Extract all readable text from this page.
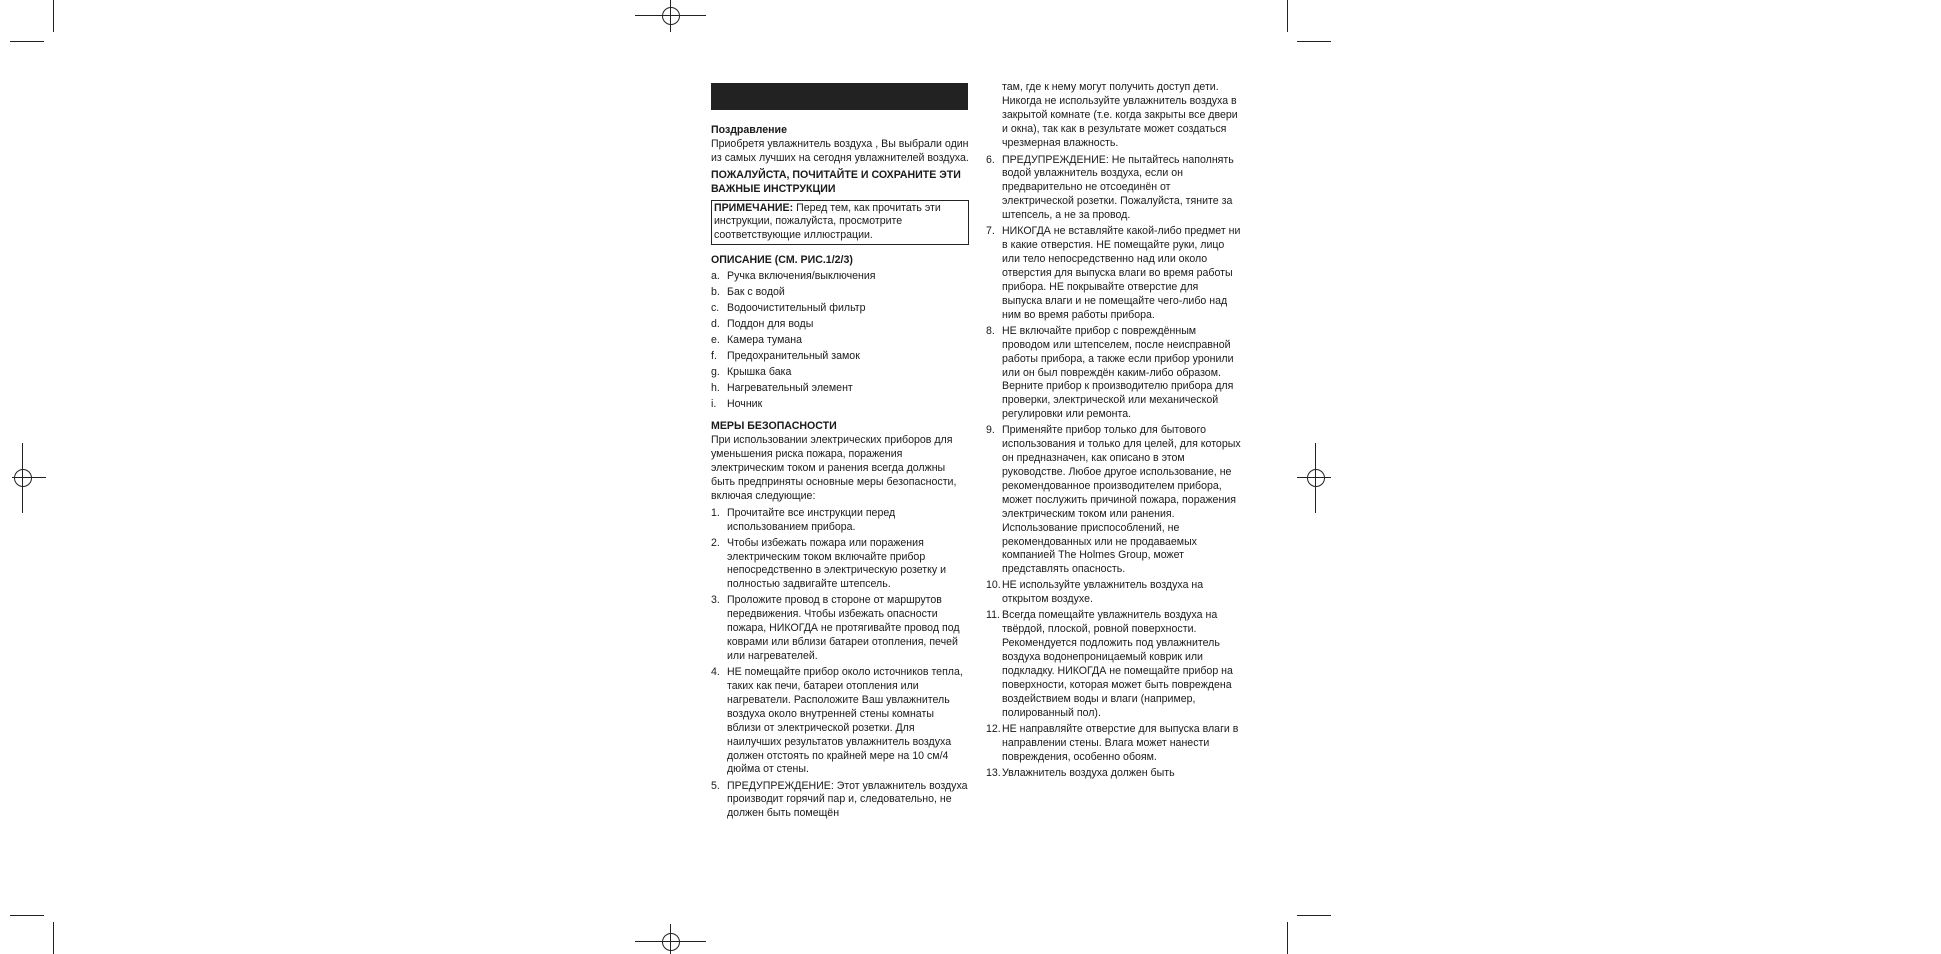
Поздравление
Приобретя увлажнитель воздуха , Вы выбрали один из самых лучших на сегодня увлажнителей воздуха.
ПОЖАЛУЙСТА, ПОЧИТАЙТЕ И СОХРАНИТЕ ЭТИ ВАЖНЫЕ ИНСТРУКЦИИ
ПРИМЕЧАНИЕ: Перед тем, как прочитать эти инструкции, пожалуйста, просмотрите соответствующие иллюстрации.
ОПИСАНИЕ (СМ. РИС.1/2/3)
a. Ручка включения/выключения
b. Бак с водой
c. Водоочистительный фильтр
d. Поддон для воды
e. Камера тумана
f. Предохранительный замок
g. Крышка бака
h. Нагревательный элемент
i.	Ночник
МЕРЫ БЕЗОПАСНОСТИ
При использовании электрических приборов для уменьшения риска пожара, поражения электрическим током и ранения всегда должны быть предприняты основные меры безопасности, включая следующие:
1. Прочитайте все инструкции перед использованием прибора.
2. Чтобы избежать пожара или поражения электрическим током включайте прибор непосредственно в электрическую розетку и полностью задвигайте штепсель.
3. Проложите провод в стороне от маршрутов передвижения. Чтобы избежать опасности пожара, НИКОГДА не протягивайте провод под коврами или вблизи батареи отопления, печей или нагревателей.
4. НЕ помещайте прибор около источников тепла, таких как печи, батареи отопления или нагреватели. Расположите Ваш увлажнитель воздуха около внутренней стены комнаты вблизи от электрической розетки. Для наилучших результатов увлажнитель воздуха должен отстоять по крайней мере на 10 см/4 дюйма от стены.
5. ПРЕДУПРЕЖДЕНИЕ: Этот увлажнитель воздуха производит горячий пар и, следовательно, не должен быть помещён
там, где к нему могут получить доступ дети. Никогда не используйте увлажнитель воздуха в закрытой комнате (т.е. когда закрыты все двери и окна), так как в результате может создаться чрезмерная влажность.
6. ПРЕДУПРЕЖДЕНИЕ: Не пытайтесь наполнять водой увлажнитель воздуха, если он предварительно не отсоединён от электрической розетки. Пожалуйста, тяните за штепсель, а не за провод.
7. НИКОГДА не вставляйте какой-либо предмет ни в какие отверстия. НЕ помещайте руки, лицо или тело непосредственно над или около отверстия для выпуска влаги во время работы прибора. НЕ покрывайте отверстие для выпуска влаги и не помещайте чего-либо над ним во время работы прибора.
8. НЕ включайте прибор с повреждённым проводом или штепселем, после неисправной работы прибора, а также если прибор уронили или он был повреждён каким-либо образом. Верните прибор к производителю прибора для проверки, электрической или механической регулировки или ремонта.
9. Применяйте прибор только для бытового использования и только для целей, для которых он предназначен, как описано в этом руководстве. Любое другое использование, не рекомендованное производителем прибора, может послужить причиной пожара, поражения электрическим током или ранения. Использование приспособлений, не рекомендованных или не продаваемых компанией The Holmes Group, может представлять опасность.
10. НЕ используйте увлажнитель воздуха на открытом воздухе.
11. Всегда помещайте увлажнитель воздуха на твёрдой, плоской, ровной поверхности. Рекомендуется подложить под увлажнитель воздуха водонепроницаемый коврик или подкладку. НИКОГДА не помещайте прибор на поверхности, которая может быть повреждена воздействием воды и влаги (например, полированный пол).
12. НЕ направляйте отверстие для выпуска влаги в направлении стены. Влага может нанести повреждения, особенно обоям.
13. Увлажнитель воздуха должен быть
